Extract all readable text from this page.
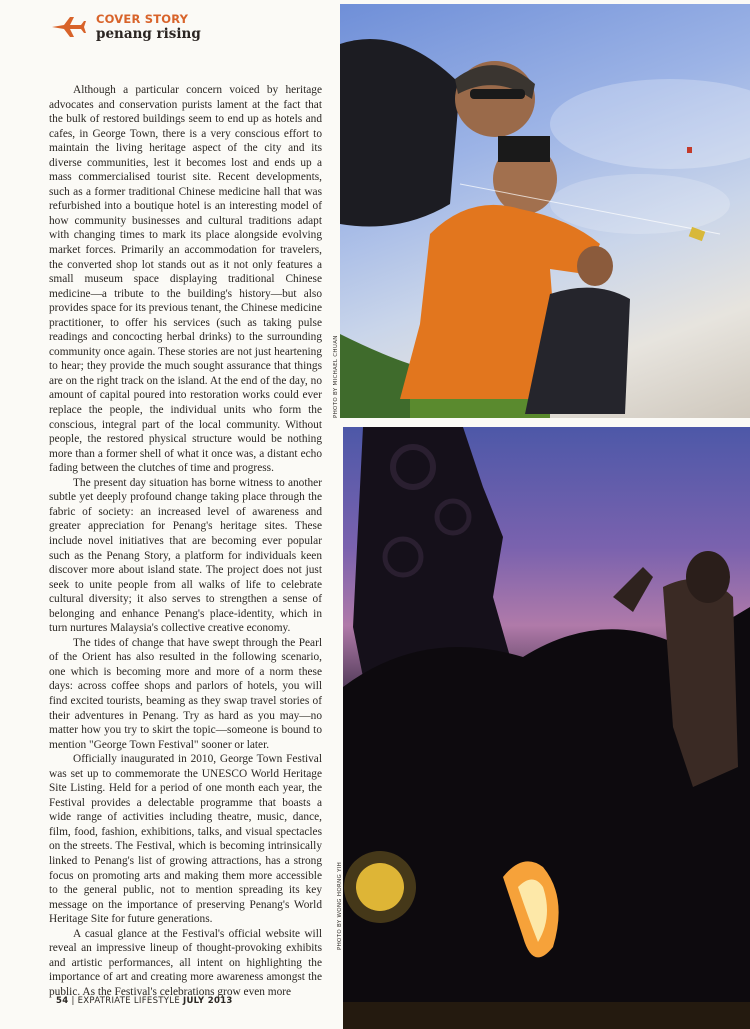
COVER STORY
penang rising

Although a particular concern voiced by heritage advocates and conservation purists lament at the fact that the bulk of restored buildings seem to end up as hotels and cafes, in George Town, there is a very conscious effort to maintain the living heritage aspect of the city and its diverse communities, lest it becomes lost and ends up a mass commercialised tourist site. Recent developments, such as a former traditional Chinese medicine hall that was refurbished into a boutique hotel is an interesting model of how community businesses and cultural traditions adapt with changing times to mark its place alongside evolving market forces. Primarily an accommodation for travelers, the converted shop lot stands out as it not only features a small museum space displaying traditional Chinese medicine—a tribute to the building's history—but also provides space for its previous tenant, the Chinese medicine practitioner, to offer his services (such as taking pulse readings and concocting herbal drinks) to the surrounding community once again. These stories are not just heartening to hear; they provide the much sought assurance that things are on the right track on the island. At the end of the day, no amount of capital poured into restoration works could ever replace the people, the individual units who form the conscious, integral part of the local community. Without people, the restored physical structure would be nothing more than a former shell of what it once was, a distant echo fading between the clutches of time and progress.

The present day situation has borne witness to another subtle yet deeply profound change taking place through the fabric of society: an increased level of awareness and greater appreciation for Penang's heritage sites. These include novel initiatives that are becoming ever popular such as the Penang Story, a platform for individuals keen discover more about island state. The project does not just seek to unite people from all walks of life to celebrate cultural diversity; it also serves to strengthen a sense of belonging and enhance Penang's place-identity, which in turn nurtures Malaysia's collective creative economy.

The tides of change that have swept through the Pearl of the Orient has also resulted in the following scenario, one which is becoming more and more of a norm these days: across coffee shops and parlors of hotels, you will find excited tourists, beaming as they swap travel stories of their adventures in Penang. Try as hard as you may—no matter how you try to skirt the topic—someone is bound to mention "George Town Festival" sooner or later.

Officially inaugurated in 2010, George Town Festival was set up to commemorate the UNESCO World Heritage Site Listing. Held for a period of one month each year, the Festival provides a delectable programme that boasts a wide range of activities including theatre, music, dance, film, food, fashion, exhibitions, talks, and visual spectacles on the streets. The Festival, which is becoming intrinsically linked to Penang's list of growing attractions, has a strong focus on promoting arts and making them more accessible to the general public, not to mention spreading its key message on the importance of preserving Penang's World Heritage Site for future generations.

A casual glance at the Festival's official website will reveal an impressive lineup of thought-provoking exhibits and artistic performances, all intent on highlighting the importance of art and creating more awareness amongst the public. As the Festival's celebrations grow even more

54 | EXPATRIATE LIFESTYLE JULY 2013
PHOTO BY MICHAEL CHUAN
PHOTO BY WONG HORNG YIH
